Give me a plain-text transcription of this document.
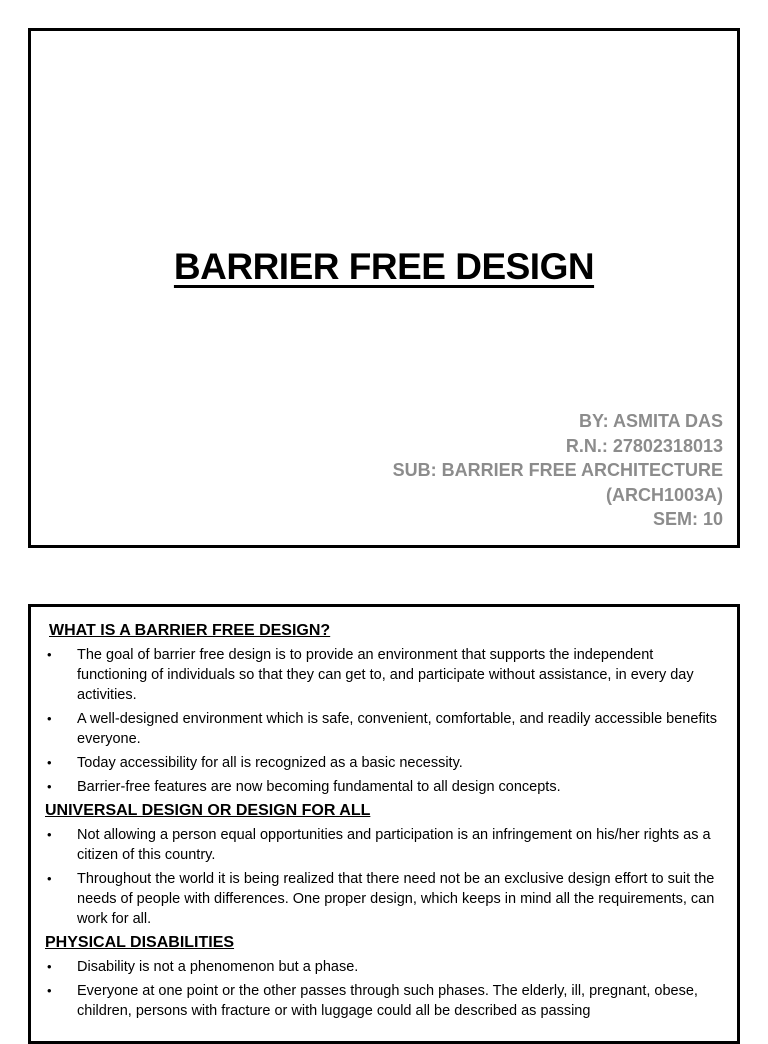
BARRIER FREE DESIGN
BY: ASMITA DAS
R.N.: 27802318013
SUB: BARRIER FREE ARCHITECTURE
(ARCH1003A)
SEM: 10
WHAT IS A BARRIER FREE DESIGN?
• The goal of barrier free design is to provide an environment that supports the independent functioning of individuals so that they can get to, and participate without assistance, in every day activities.
• A well-designed environment which is safe, convenient, comfortable, and readily accessible benefits everyone.
• Today accessibility for all is recognized as a basic necessity.
• Barrier-free features are now becoming fundamental to all design concepts.
UNIVERSAL DESIGN OR DESIGN FOR ALL
• Not allowing a person equal opportunities and participation is an infringement on his/her rights as a citizen of this country.
• Throughout the world it is being realized that there need not be an exclusive design effort to suit the needs of people with differences. One proper design, which keeps in mind all the requirements, can work for all.
PHYSICAL DISABILITIES
• Disability is not a phenomenon but a phase.
• Everyone at one point or the other passes through such phases. The elderly, ill, pregnant, obese, children, persons with fracture or with luggage could all be described as passing
